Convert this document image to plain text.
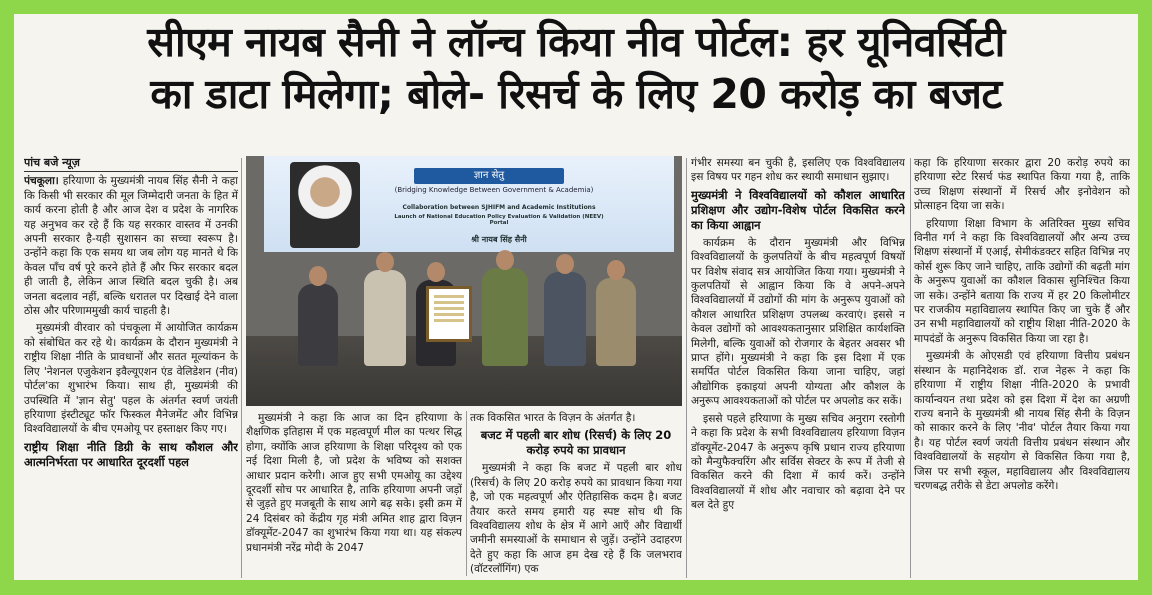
सीएम नायब सैनी ने लॉन्च किया नीव पोर्टल: हर यूनिवर्सिटी
का डाटा मिलेगा; बोले- रिसर्च के लिए 20 करोड़ का बजट
पांच बजे न्यूज़

पंचकूला। हरियाणा के मुख्यमंत्री नायब सिंह सैनी ने कहा कि किसी भी सरकार की मूल जिम्मेदारी जनता के हित में कार्य करना होती है और आज देश व प्रदेश के नागरिक यह अनुभव कर रहे हैं कि यह सरकार वास्तव में उनकी अपनी सरकार है-यही सुशासन का सच्चा स्वरूप है। उन्होंने कहा कि एक समय था जब लोग यह मानते थे कि केवल पाँच वर्ष पूरे करने होते हैं और फिर सरकार बदल ही जाती है, लेकिन आज स्थिति बदल चुकी है। अब जनता बदलाव नहीं, बल्कि धरातल पर दिखाई देने वाला ठोस और परिणाममुखी कार्य चाहती है।

मुख्यमंत्री वीरवार को पंचकूला में आयोजित कार्यक्रम को संबोधित कर रहे थे। कार्यक्रम के दौरान मुख्यमंत्री ने राष्ट्रीय शिक्षा नीति के प्रावधानों और सतत मूल्यांकन के लिए 'नेशनल एजुकेशन इवैल्यूएशन एंड वेलिडेशन (नीव) पोर्टल'का शुभारंभ किया। साथ ही, मुख्यमंत्री की उपस्थिति में 'ज्ञान सेतु' पहल के अंतर्गत स्वर्ण जयंती हरियाणा इंस्टीट्यूट फॉर फिस्कल मैनेजमेंट और विभिन्न विश्वविद्यालयों के बीच एमओयू पर हस्ताक्षर किए गए।

राष्ट्रीय शिक्षा नीति डिग्री के साथ कौशल और आत्मनिर्भरता पर आधारित दूरदर्शी पहल
ज्ञान सेतु
(Bridging Knowledge Between Government & Academia)
Collaboration between SJHIFM and Academic Institutions
Launch of National Education Policy Evaluation & Validation (NEEV) Portal
श्री नायब सिंह सैनी

मुख्यमंत्री ने कहा कि आज का दिन हरियाणा के शैक्षणिक इतिहास में एक महत्वपूर्ण मील का पत्थर सिद्ध होगा, क्योंकि आज हरियाणा के शिक्षा परिदृश्य को एक नई दिशा मिली है, जो प्रदेश के भविष्य को सशक्त आधार प्रदान करेगी। आज हुए सभी एमओयू का उद्देश्य दूरदर्शी सोच पर आधारित है, ताकि हरियाणा अपनी जड़ों से जुड़ते हुए मजबूती के साथ आगे बढ़ सके। इसी क्रम में 24 दिसंबर को केंद्रीय गृह मंत्री अमित शाह द्वारा विज़न डॉक्यूमेंट-2047 का शुभारंभ किया गया था। यह संकल्प प्रधानमंत्री नरेंद्र मोदी के 2047

तक विकसित भारत के विज़न के अंतर्गत है।

बजट में पहली बार शोध (रिसर्च) के लिए 20 करोड़ रुपये का प्रावधान

मुख्यमंत्री ने कहा कि बजट में पहली बार शोध (रिसर्च) के लिए 20 करोड़ रुपये का प्रावधान किया गया है, जो एक महत्वपूर्ण और ऐतिहासिक कदम है। बजट तैयार करते समय हमारी यह स्पष्ट सोच थी कि विश्वविद्यालय शोध के क्षेत्र में आगे आएँ और विद्यार्थी जमीनी समस्याओं के समाधान से जुड़ें। उन्होंने उदाहरण देते हुए कहा कि आज हम देख रहे हैं कि जलभराव (वॉटरलॉगिंग) एक

गंभीर समस्या बन चुकी है, इसलिए एक विश्वविद्यालय इस विषय पर गहन शोध कर स्थायी समाधान सुझाए।

मुख्यमंत्री ने विश्वविद्यालयों को कौशल आधारित प्रशिक्षण और उद्योग-विशेष पोर्टल विकसित करने का किया आह्वान

कार्यक्रम के दौरान मुख्यमंत्री और विभिन्न विश्वविद्यालयों के कुलपतियों के बीच महत्वपूर्ण विषयों पर विशेष संवाद सत्र आयोजित किया गया। मुख्यमंत्री ने कुलपतियों से आह्वान किया कि वे अपने-अपने विश्वविद्यालयों में उद्योगों की मांग के अनुरूप युवाओं को कौशल आधारित प्रशिक्षण उपलब्ध करवाएं। इससे न केवल उद्योगों को आवश्यकतानुसार प्रशिक्षित कार्यशक्ति मिलेगी, बल्कि युवाओं को रोजगार के बेहतर अवसर भी प्राप्त होंगे। मुख्यमंत्री ने कहा कि इस दिशा में एक समर्पित पोर्टल विकसित किया जाना चाहिए, जहां औद्योगिक इकाइयां अपनी योग्यता और कौशल के अनुरूप आवश्यकताओं को पोर्टल पर अपलोड कर सकें।

इससे पहले हरियाणा के मुख्य सचिव अनुराग रस्तोगी ने कहा कि प्रदेश के सभी विश्वविद्यालय हरियाणा विज़न डॉक्यूमेंट-2047 के अनुरूप कृषि प्रधान राज्य हरियाणा को मैन्युफैक्चरिंग और सर्विस सेक्टर के रूप में तेजी से विकसित करने की दिशा में कार्य करें। उन्होंने विश्वविद्यालयों में शोध और नवाचार को बढ़ावा देने पर बल देते हुए

कहा कि हरियाणा सरकार द्वारा 20 करोड़ रुपये का हरियाणा स्टेट रिसर्च फंड स्थापित किया गया है, ताकि उच्च शिक्षण संस्थानों में रिसर्च और इनोवेशन को प्रोत्साहन दिया जा सके।

हरियाणा शिक्षा विभाग के अतिरिक्त मुख्य सचिव विनीत गर्ग ने कहा कि विश्वविद्यालयों और अन्य उच्च शिक्षण संस्थानों में एआई, सेमीकंडक्टर सहित विभिन्न नए कोर्स शुरू किए जाने चाहिए, ताकि उद्योगों की बढ़ती मांग के अनुरूप युवाओं का कौशल विकास सुनिश्चित किया जा सके। उन्होंने बताया कि राज्य में हर 20 किलोमीटर पर राजकीय महाविद्यालय स्थापित किए जा चुके हैं और उन सभी महाविद्यालयों को राष्ट्रीय शिक्षा नीति-2020 के मापदंडों के अनुरूप विकसित किया जा रहा है।

मुख्यमंत्री के ओएसडी एवं हरियाणा वित्तीय प्रबंधन संस्थान के महानिदेशक डॉ. राज नेहरू ने कहा कि हरियाणा में राष्ट्रीय शिक्षा नीति-2020 के प्रभावी कार्यान्वयन तथा प्रदेश को इस दिशा में देश का अग्रणी राज्य बनाने के मुख्यमंत्री श्री नायब सिंह सैनी के विज़न को साकार करने के लिए 'नीव' पोर्टल तैयार किया गया है। यह पोर्टल स्वर्ण जयंती वित्तीय प्रबंधन संस्थान और विश्वविद्यालयों के सहयोग से विकसित किया गया है, जिस पर सभी स्कूल, महाविद्यालय और विश्वविद्यालय चरणबद्ध तरीके से डेटा अपलोड करेंगे।
